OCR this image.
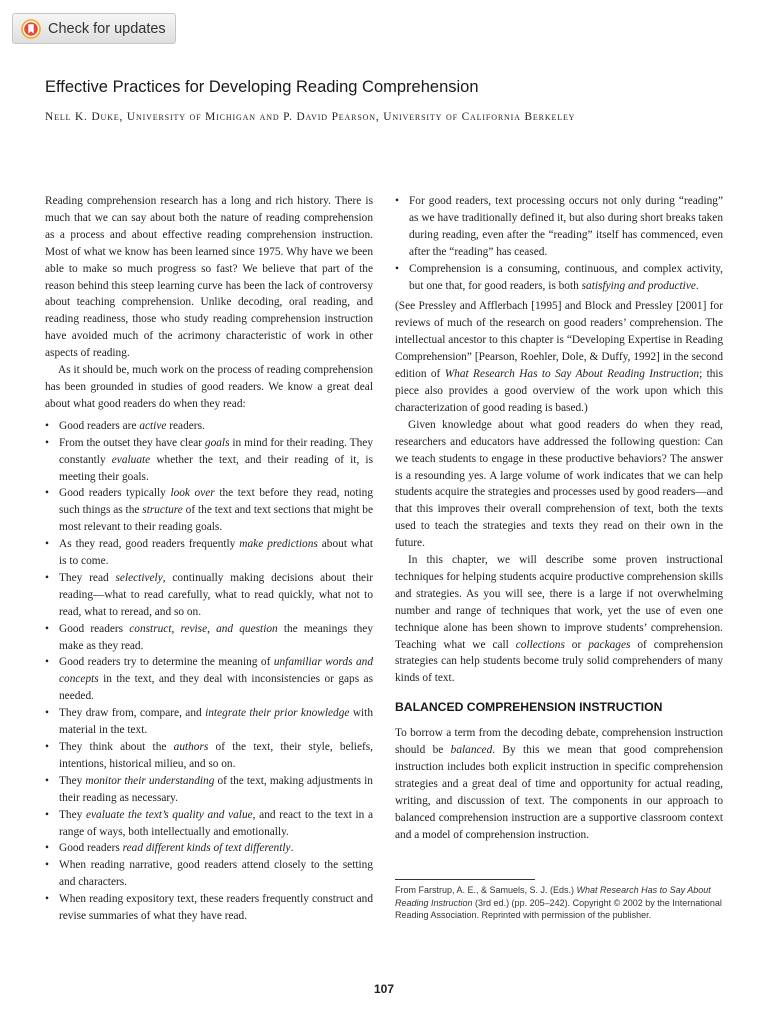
Check for updates
Effective Practices for Developing Reading Comprehension
Nell K. Duke, University of Michigan and P. David Pearson, University of California Berkeley

Reading comprehension research has a long and rich history. There is much that we can say about both the nature of reading comprehension as a process and about effective reading comprehension instruction. Most of what we know has been learned since 1975. Why have we been able to make so much progress so fast? We believe that part of the reason behind this steep learning curve has been the lack of controversy about teaching comprehension. Unlike decoding, oral reading, and reading readiness, those who study reading comprehension instruction have avoided much of the acrimony characteristic of work in other aspects of reading.

As it should be, much work on the process of reading comprehension has been grounded in studies of good readers. We know a great deal about what good readers do when they read:

• Good readers are active readers.
• From the outset they have clear goals in mind for their reading. They constantly evaluate whether the text, and their reading of it, is meeting their goals.
• Good readers typically look over the text before they read, noting such things as the structure of the text and text sections that might be most relevant to their reading goals.
• As they read, good readers frequently make predictions about what is to come.
• They read selectively, continually making decisions about their reading—what to read carefully, what to read quickly, what not to read, what to reread, and so on.
• Good readers construct, revise, and question the meanings they make as they read.
• Good readers try to determine the meaning of unfamiliar words and concepts in the text, and they deal with inconsistencies or gaps as needed.
• They draw from, compare, and integrate their prior knowledge with material in the text.
• They think about the authors of the text, their style, beliefs, intentions, historical milieu, and so on.
• They monitor their understanding of the text, making adjustments in their reading as necessary.
• They evaluate the text’s quality and value, and react to the text in a range of ways, both intellectually and emotionally.
• Good readers read different kinds of text differently.
• When reading narrative, good readers attend closely to the setting and characters.
• When reading expository text, these readers frequently construct and revise summaries of what they have read.
• For good readers, text processing occurs not only during “reading” as we have traditionally defined it, but also during short breaks taken during reading, even after the “reading” itself has commenced, even after the “reading” has ceased.
• Comprehension is a consuming, continuous, and complex activity, but one that, for good readers, is both satisfying and productive.

(See Pressley and Afflerbach [1995] and Block and Pressley [2001] for reviews of much of the research on good readers’ comprehension. The intellectual ancestor to this chapter is “Developing Expertise in Reading Comprehension” [Pearson, Roehler, Dole, & Duffy, 1992] in the second edition of What Research Has to Say About Reading Instruction; this piece also provides a good overview of the work upon which this characterization of good reading is based.)

Given knowledge about what good readers do when they read, researchers and educators have addressed the following question: Can we teach students to engage in these productive behaviors? The answer is a resounding yes. A large volume of work indicates that we can help students acquire the strategies and processes used by good readers—and that this improves their overall comprehension of text, both the texts used to teach the strategies and texts they read on their own in the future.

In this chapter, we will describe some proven instructional techniques for helping students acquire productive comprehension skills and strategies. As you will see, there is a large if not overwhelming number and range of techniques that work, yet the use of even one technique alone has been shown to improve students’ comprehension. Teaching what we call collections or packages of comprehension strategies can help students become truly solid comprehenders of many kinds of text.

BALANCED COMPREHENSION INSTRUCTION

To borrow a term from the decoding debate, comprehension instruction should be balanced. By this we mean that good comprehension instruction includes both explicit instruction in specific comprehension strategies and a great deal of time and opportunity for actual reading, writing, and discussion of text. The components in our approach to balanced comprehension instruction are a supportive classroom context and a model of comprehension instruction.

From Farstrup, A. E., & Samuels, S. J. (Eds.) What Research Has to Say About Reading Instruction (3rd ed.) (pp. 205–242). Copyright © 2002 by the International Reading Association. Reprinted with permission of the publisher.
107
